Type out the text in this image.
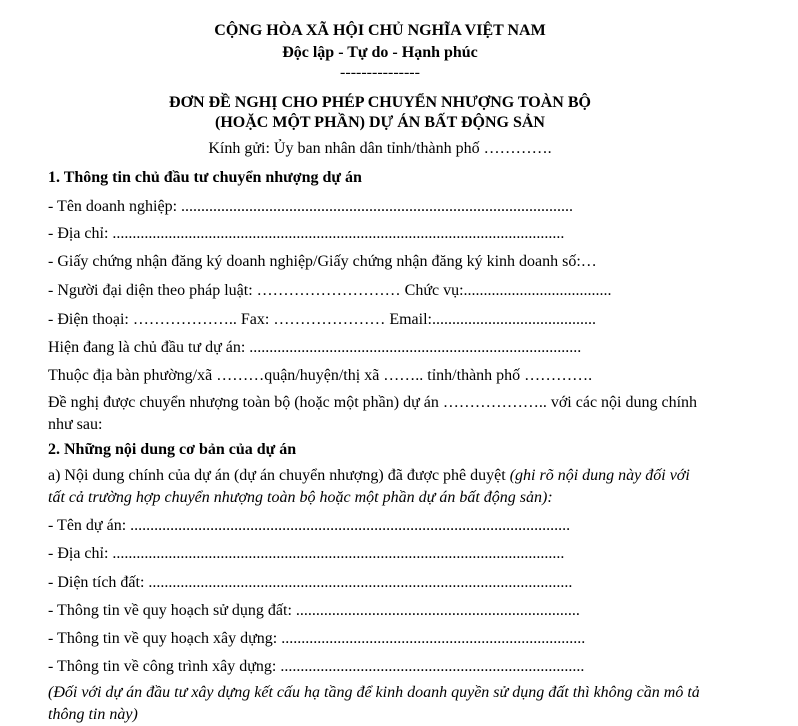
CỘNG HÒA XÃ HỘI CHỦ NGHĨA VIỆT NAM
Độc lập - Tự do - Hạnh phúc
---------------
ĐƠN ĐỀ NGHỊ CHO PHÉP CHUYỂN NHƯỢNG TOÀN BỘ
(HOẶC MỘT PHẦN) DỰ ÁN BẤT ĐỘNG SẢN
Kính gửi: Ủy ban nhân dân tỉnh/thành phố ………….
1. Thông tin chủ đầu tư chuyển nhượng dự án
- Tên doanh nghiệp: ..................................................................................................
- Địa chỉ: .................................................................................................................
- Giấy chứng nhận đăng ký doanh nghiệp/Giấy chứng nhận đăng ký kinh doanh số:…
- Người đại diện theo pháp luật: ……………………… Chức vụ:.....................................
- Điện thoại: ……………….. Fax: ………………… Email:.........................................
Hiện đang là chủ đầu tư dự án: ...................................................................................
Thuộc địa bàn phường/xã ………quận/huyện/thị xã …….. tỉnh/thành phố ………….
Đề nghị được chuyển nhượng toàn bộ (hoặc một phần) dự án ……………….. với các nội dung chính như sau:
2. Những nội dung cơ bản của dự án
a) Nội dung chính của dự án (dự án chuyển nhượng) đã được phê duyệt (ghi rõ nội dung này đối với tất cả trường hợp chuyển nhượng toàn bộ hoặc một phần dự án bất động sản):
- Tên dự án: ..............................................................................................................
- Địa chỉ: .................................................................................................................
- Diện tích đất: ..........................................................................................................
- Thông tin về quy hoạch sử dụng đất: .......................................................................
- Thông tin về quy hoạch xây dựng: ............................................................................
- Thông tin về công trình xây dựng: ............................................................................
(Đối với dự án đầu tư xây dựng kết cấu hạ tầng để kinh doanh quyền sử dụng đất thì không cần mô tả thông tin này)
